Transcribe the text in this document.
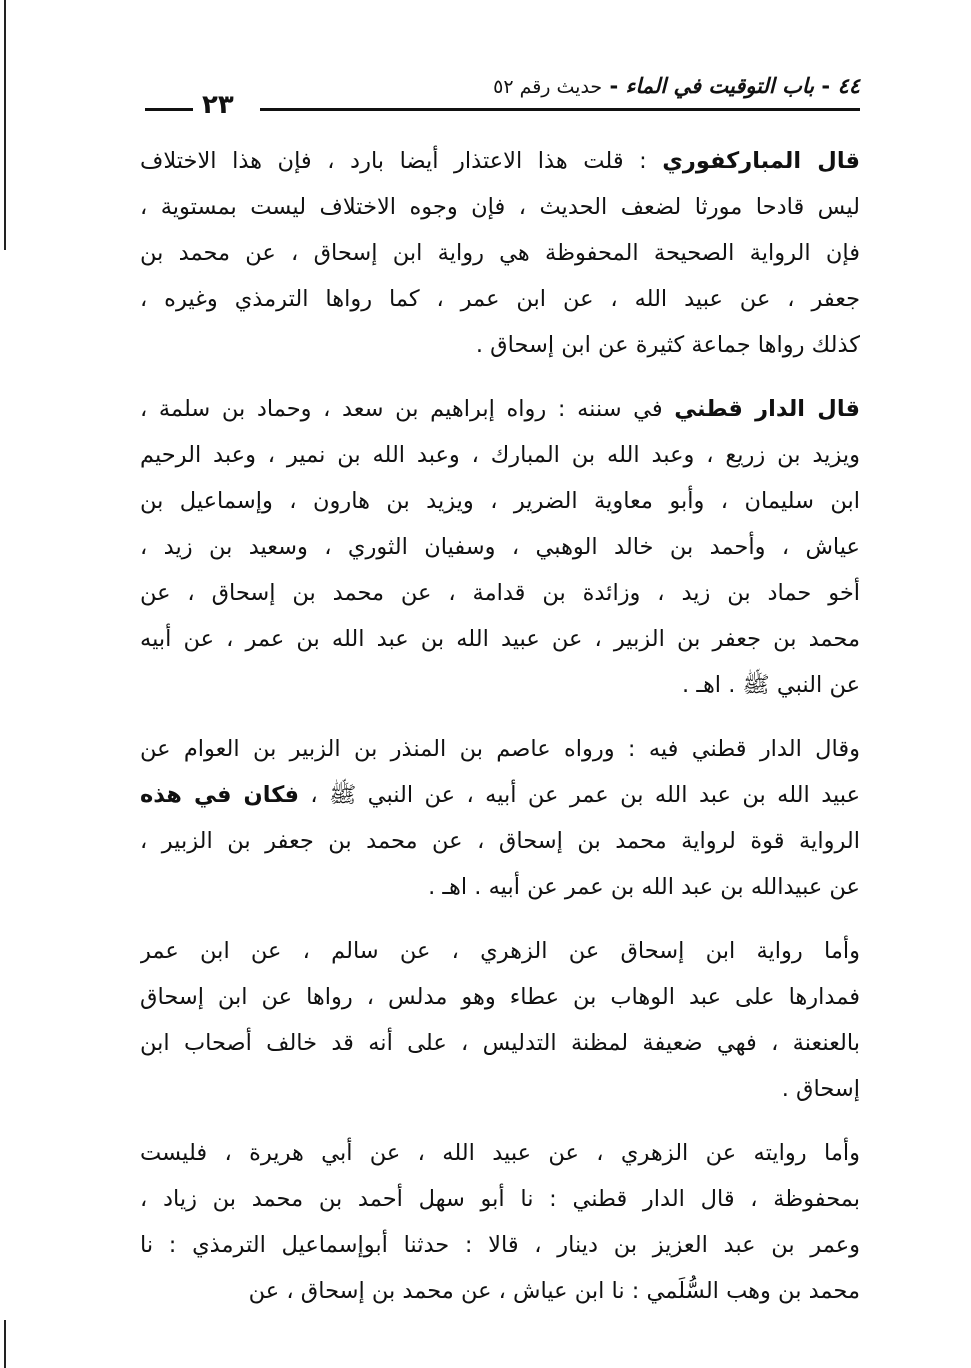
٤٤ - باب التوقيت في الماء - حديث رقم ٥٢
٢٣
قال المباركفوري : قلت هذا الاعتذار أيضا بارد ، فإن هذا الاختلاف
ليس قادحا مورثا لضعف الحديث ، فإن وجوه الاختلاف ليست بمستوية ،
فإن الرواية الصحيحة المحفوظة هي رواية ابن إسحاق ، عن محمد بن
جعفر ، عن عبيد الله ، عن ابن عمر ، كما رواها الترمذي وغيره ،
كذلك رواها جماعة كثيرة عن ابن إسحاق .
قال الدار قطني في سننه : رواه إبراهيم بن سعد ، وحماد بن سلمة ،
ويزيد بن زريع ، وعبد الله بن المبارك ، وعبد الله بن نمير ، وعبد الرحيم
ابن سليمان ، وأبو معاوية الضرير ، ويزيد بن هارون ، وإسماعيل بن
عياش ، وأحمد بن خالد الوهبي ، وسفيان الثوري ، وسعيد بن زيد ،
أخو حماد بن زيد ، وزائدة بن قدامة ، عن محمد بن إسحاق ، عن
محمد بن جعفر بن الزبير ، عن عبيد الله بن عبد الله بن عمر ، عن أبيه
عن النبي ﷺ . اهـ .
وقال الدار قطني فيه : ورواه عاصم بن المنذر بن الزبير بن العوام عن
عبيد الله بن عبد الله بن عمر عن أبيه ، عن النبي ﷺ ، فكان في هذه
الرواية قوة لرواية محمد بن إسحاق ، عن محمد بن جعفر بن الزبير ،
عن عبيدالله بن عبد الله بن عمر عن أبيه . اهـ .
وأما رواية ابن إسحاق عن الزهري ، عن سالم ، عن ابن عمر
فمدارها على عبد الوهاب بن عطاء وهو مدلس ، رواها عن ابن إسحاق
بالعنعنة ، فهي ضعيفة لمظنة التدليس ، على أنه قد خالف أصحاب ابن
إسحاق .
وأما روايته عن الزهري ، عن عبيد الله ، عن أبي هريرة ، فليست
بمحفوظة ، قال الدار قطني : نا أبو سهل أحمد بن محمد بن زياد ،
وعمر بن عبد العزيز بن دينار ، قالا : حدثنا أبوإسماعيل الترمذي : نا
محمد بن وهب السُّلَمي : نا ابن عياش ، عن محمد بن إسحاق ، عن
